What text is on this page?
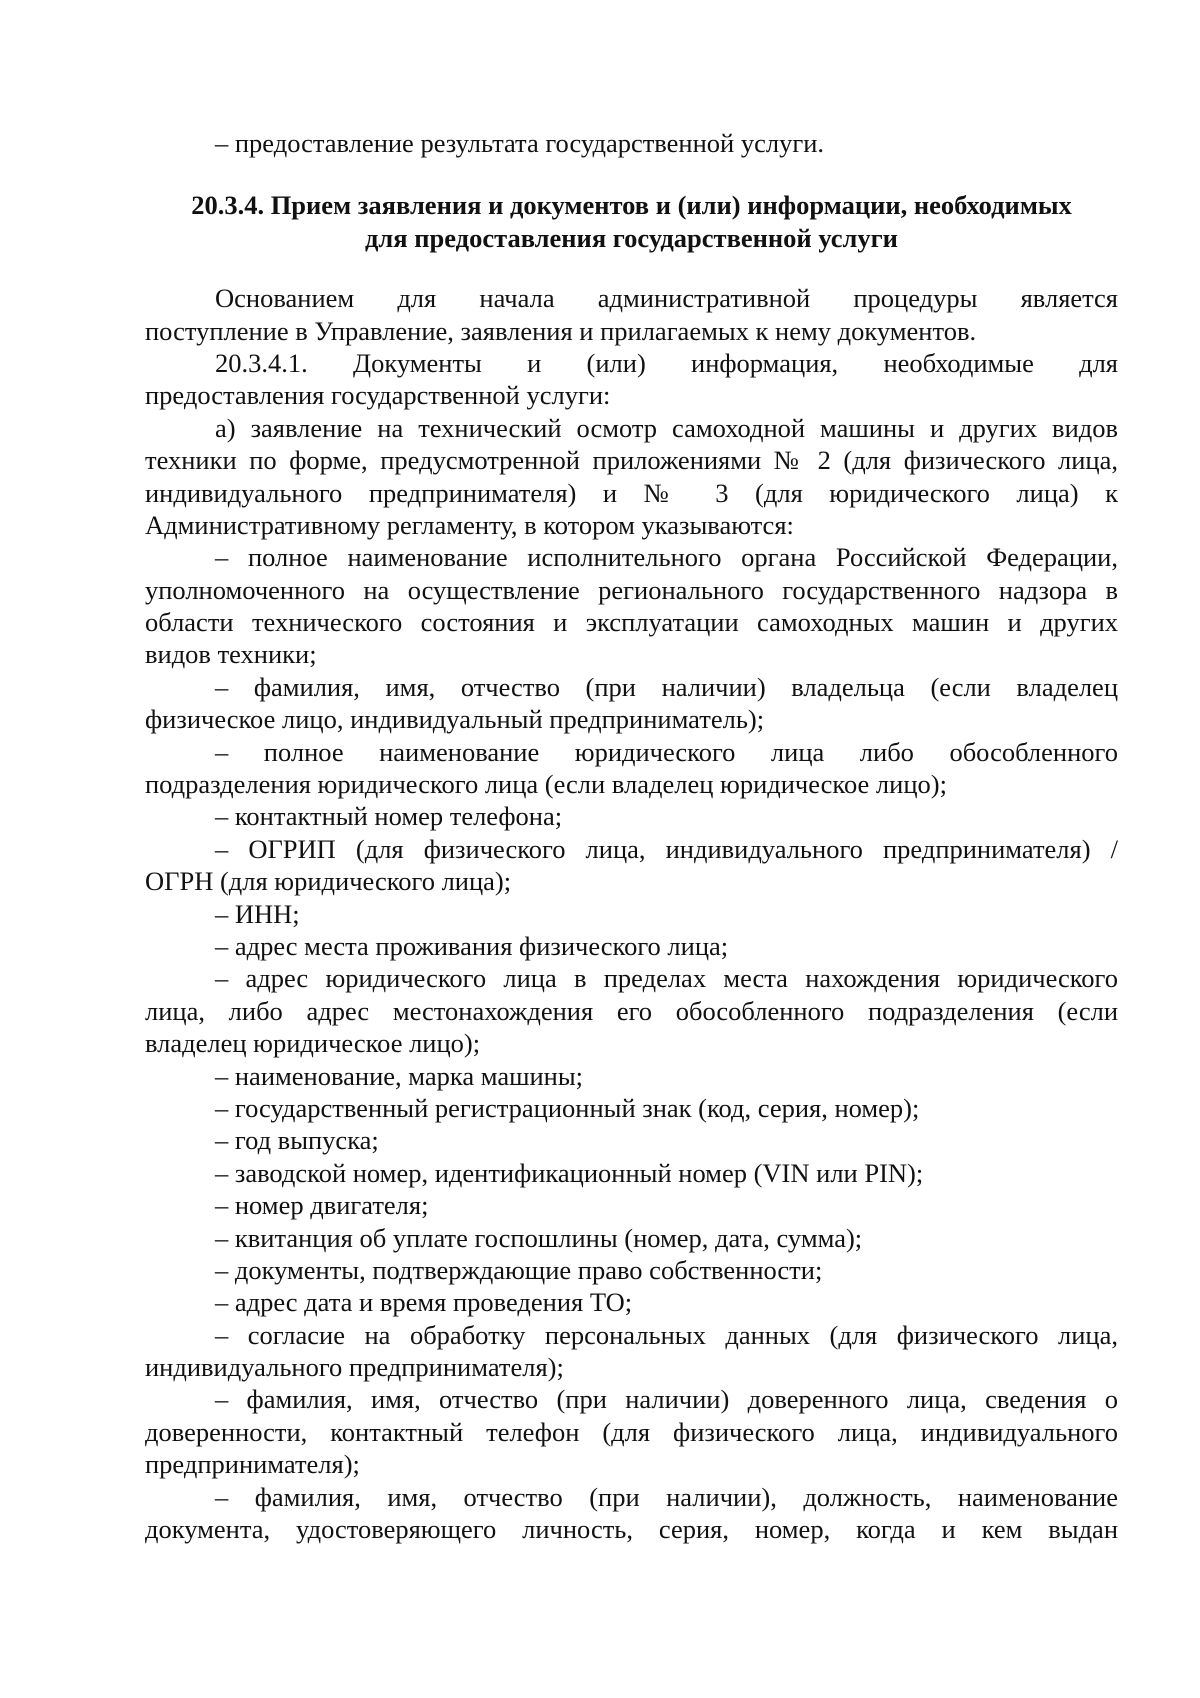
– предоставление результата государственной услуги.
20.3.4. Прием заявления и документов и (или) информации, необходимых
для предоставления государственной услуги
Основанием для начала административной процедуры является
поступление в Управление, заявления и прилагаемых к нему документов.
20.3.4.1. Документы и (или) информация, необходимые для
предоставления государственной услуги:
а) заявление на технический осмотр самоходной машины и других видов
техники по форме, предусмотренной приложениями № 2 (для физического лица,
индивидуального предпринимателя) и № 3 (для юридического лица) к
Административному регламенту, в котором указываются:
– полное наименование исполнительного органа Российской Федерации,
уполномоченного на осуществление регионального государственного надзора в
области технического состояния и эксплуатации самоходных машин и других
видов техники;
– фамилия, имя, отчество (при наличии) владельца (если владелец
физическое лицо, индивидуальный предприниматель);
– полное наименование юридического лица либо обособленного
подразделения юридического лица (если владелец юридическое лицо);
– контактный номер телефона;
– ОГРИП (для физического лица, индивидуального предпринимателя) /
ОГРН (для юридического лица);
– ИНН;
– адрес места проживания физического лица;
– адрес юридического лица в пределах места нахождения юридического
лица, либо адрес местонахождения его обособленного подразделения (если
владелец юридическое лицо);
– наименование, марка машины;
– государственный регистрационный знак (код, серия, номер);
– год выпуска;
– заводской номер, идентификационный номер (VIN или PIN);
– номер двигателя;
– квитанция об уплате госпошлины (номер, дата, сумма);
– документы, подтверждающие право собственности;
– адрес дата и время проведения ТО;
– согласие на обработку персональных данных (для физического лица,
индивидуального предпринимателя);
– фамилия, имя, отчество (при наличии) доверенного лица, сведения о
доверенности, контактный телефон (для физического лица, индивидуального
предпринимателя);
– фамилия, имя, отчество (при наличии), должность, наименование
документа, удостоверяющего личность, серия, номер, когда и кем выдан
